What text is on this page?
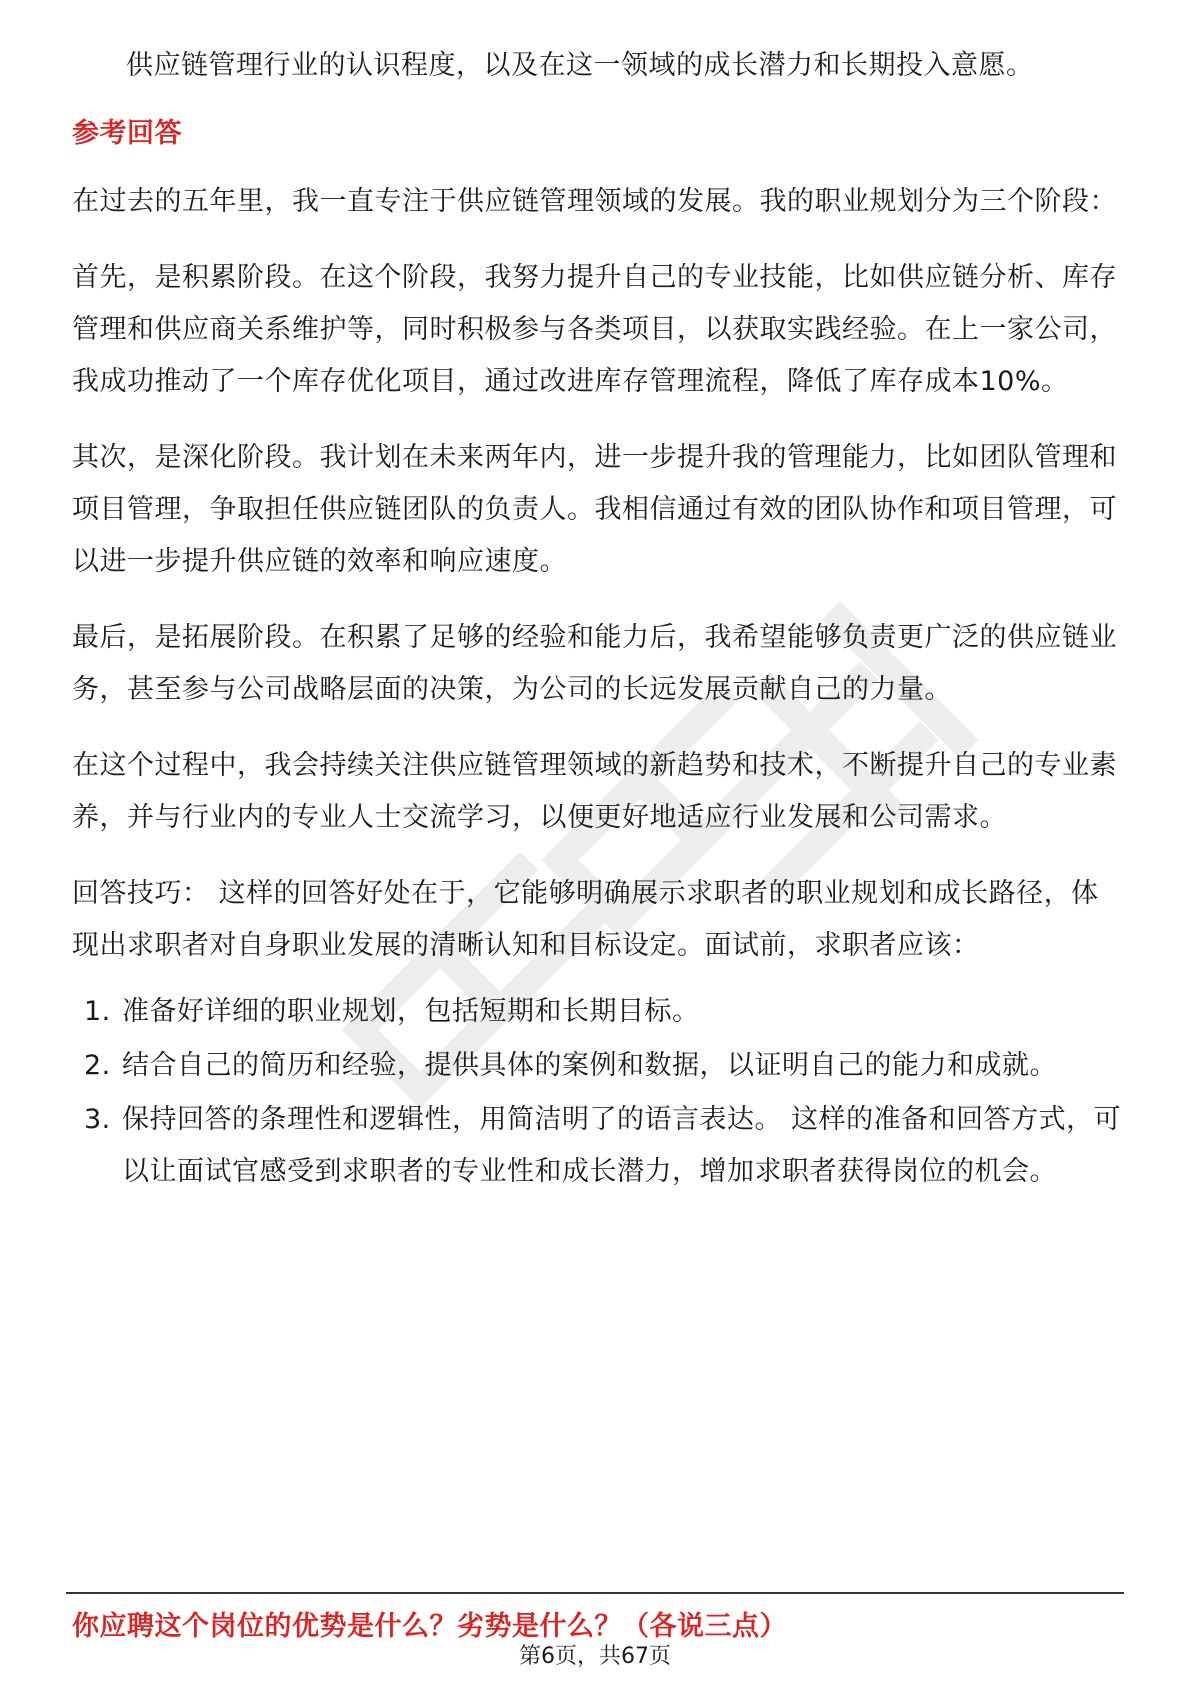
供应链管理行业的认识程度，以及在这一领域的成长潜力和长期投入意愿。

参考回答

在过去的五年里，我一直专注于供应链管理领域的发展。我的职业规划分为三个阶段：

首先，是积累阶段。在这个阶段，我努力提升自己的专业技能，比如供应链分析、库存管理和供应商关系维护等，同时积极参与各类项目，以获取实践经验。在上一家公司，我成功推动了一个库存优化项目，通过改进库存管理流程，降低了库存成本10%。

其次，是深化阶段。我计划在未来两年内，进一步提升我的管理能力，比如团队管理和项目管理，争取担任供应链团队的负责人。我相信通过有效的团队协作和项目管理，可以进一步提升供应链的效率和响应速度。

最后，是拓展阶段。在积累了足够的经验和能力后，我希望能够负责更广泛的供应链业务，甚至参与公司战略层面的决策，为公司的长远发展贡献自己的力量。

在这个过程中，我会持续关注供应链管理领域的新趋势和技术，不断提升自己的专业素养，并与行业内的专业人士交流学习，以便更好地适应行业发展和公司需求。

回答技巧： 这样的回答好处在于，它能够明确展示求职者的职业规划和成长路径，体现出求职者对自身职业发展的清晰认知和目标设定。面试前，求职者应该：

1. 准备好详细的职业规划，包括短期和长期目标。
2. 结合自己的简历和经验，提供具体的案例和数据，以证明自己的能力和成就。
3. 保持回答的条理性和逻辑性，用简洁明了的语言表达。 这样的准备和回答方式，可以让面试官感受到求职者的专业性和成长潜力，增加求职者获得岗位的机会。

你应聘这个岗位的优势是什么？劣势是什么？（各说三点）

第6页，共67页
